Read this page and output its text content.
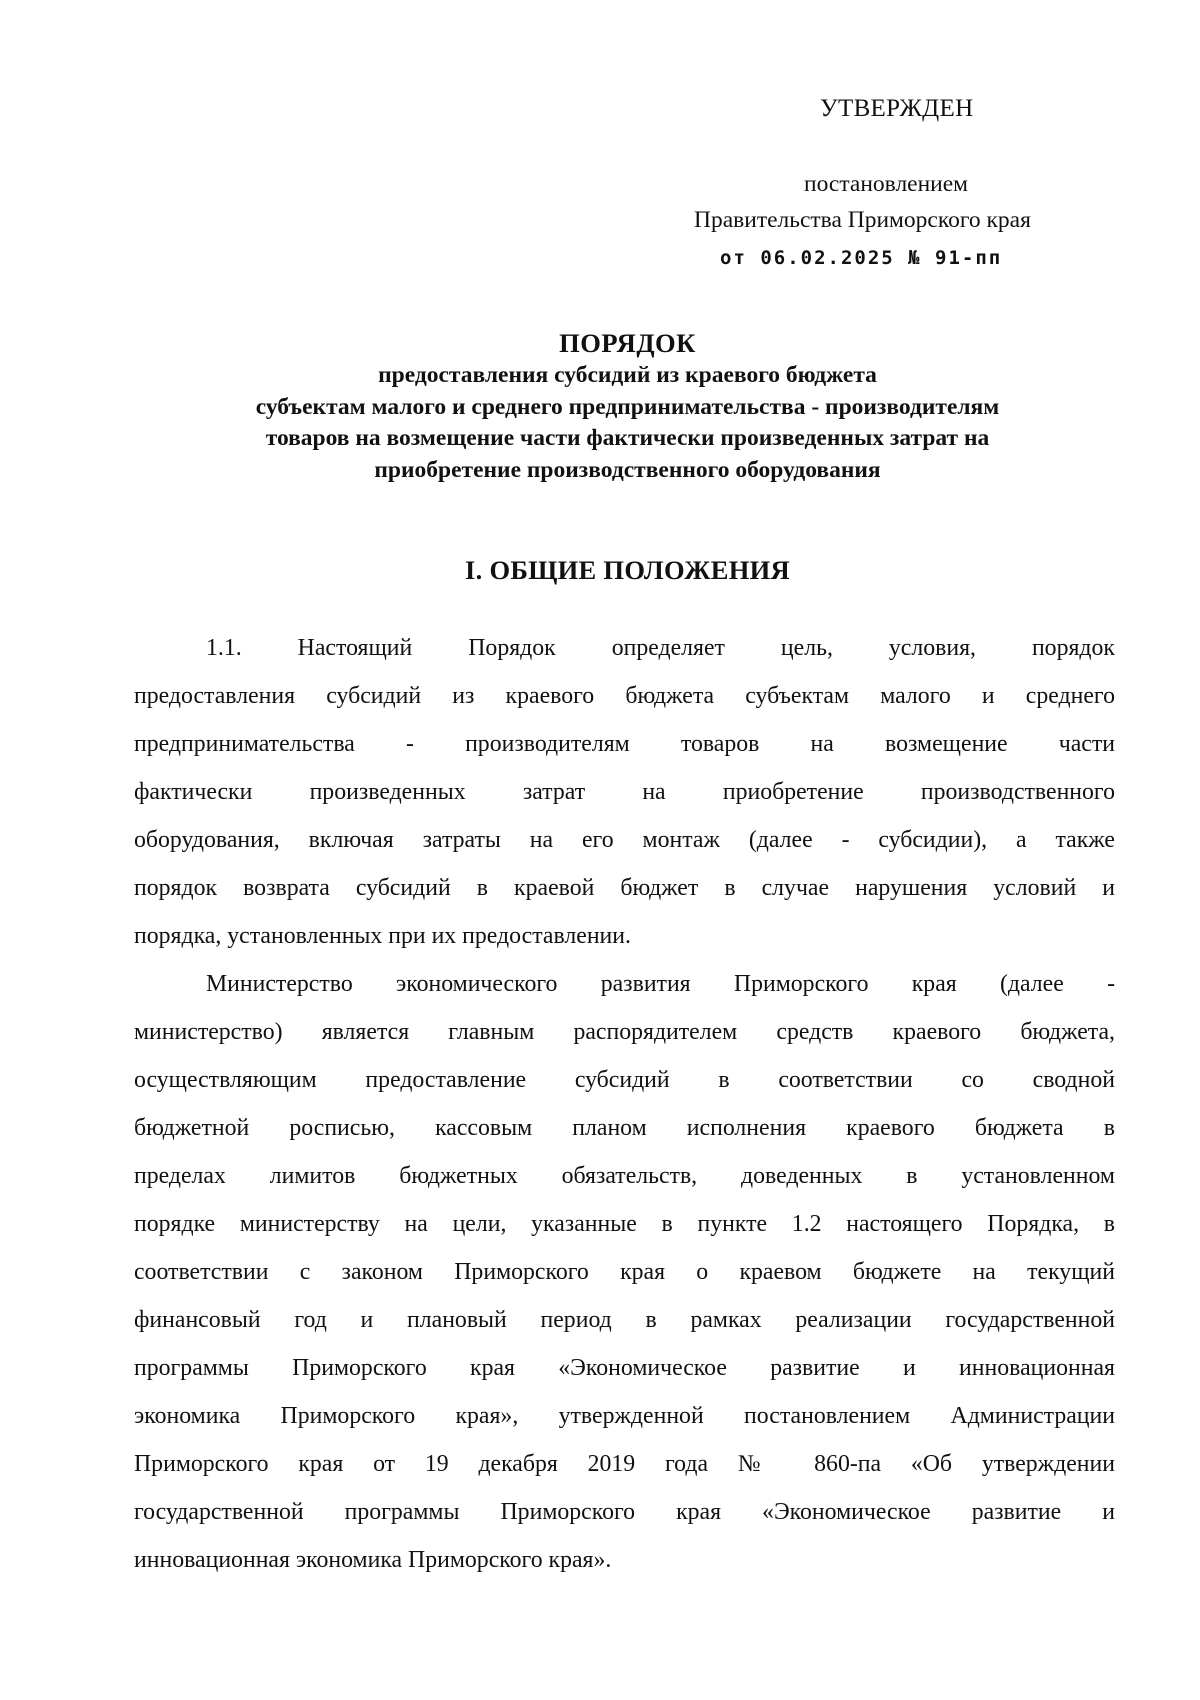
УТВЕРЖДЕН
постановлением
Правительства Приморского края
от 06.02.2025 № 91-пп
ПОРЯДОК
предоставления субсидий из краевого бюджета
субъектам малого и среднего предпринимательства - производителям
товаров на возмещение части фактически произведенных затрат на
приобретение производственного оборудования
I. ОБЩИЕ ПОЛОЖЕНИЯ
1.1. Настоящий Порядок определяет цель, условия, порядок
предоставления субсидий из краевого бюджета субъектам малого и среднего
предпринимательства - производителям товаров на возмещение части
фактически произведенных затрат на приобретение производственного
оборудования, включая затраты на его монтаж (далее - субсидии), а также
порядок возврата субсидий в краевой бюджет в случае нарушения условий и
порядка, установленных при их предоставлении.
Министерство экономического развития Приморского края (далее -
министерство) является главным распорядителем средств краевого бюджета,
осуществляющим предоставление субсидий в соответствии со сводной
бюджетной росписью, кассовым планом исполнения краевого бюджета в
пределах лимитов бюджетных обязательств, доведенных в установленном
порядке министерству на цели, указанные в пункте 1.2 настоящего Порядка, в
соответствии с законом Приморского края о краевом бюджете на текущий
финансовый год и плановый период в рамках реализации государственной
программы Приморского края «Экономическое развитие и инновационная
экономика Приморского края», утвержденной постановлением Администрации
Приморского края от 19 декабря 2019 года № 860-па «Об утверждении
государственной программы Приморского края «Экономическое развитие и
инновационная экономика Приморского края».
